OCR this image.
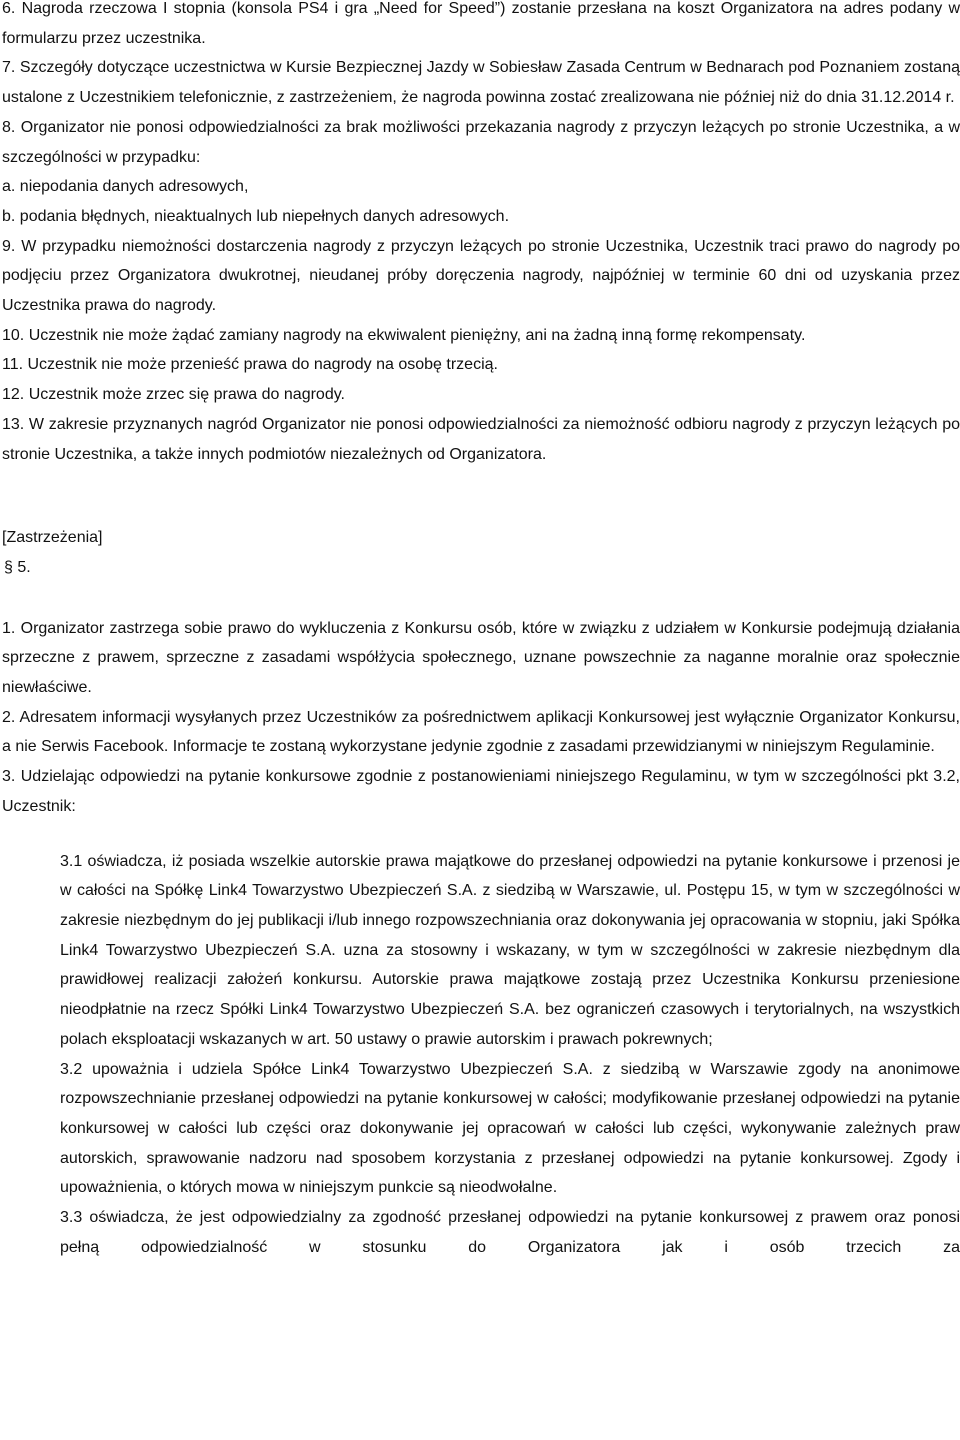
6. Nagroda rzeczowa I stopnia (konsola PS4 i gra „Need for Speed”) zostanie przesłana na koszt Organizatora na adres podany w formularzu przez uczestnika.

7. Szczegóły dotyczące uczestnictwa w Kursie Bezpiecznej Jazdy w Sobiesław Zasada Centrum w Bednarach pod Poznaniem zostaną ustalone z Uczestnikiem telefonicznie, z zastrzeżeniem, że nagroda powinna zostać zrealizowana nie później niż do dnia 31.12.2014 r.

8. Organizator nie ponosi odpowiedzialności za brak możliwości przekazania nagrody z przyczyn leżących po stronie Uczestnika, a w szczególności w przypadku:

a. niepodania danych adresowych,

b. podania błędnych, nieaktualnych lub niepełnych danych adresowych.

9. W przypadku niemożności dostarczenia nagrody z przyczyn leżących po stronie Uczestnika, Uczestnik traci prawo do nagrody po podjęciu przez Organizatora dwukrotnej, nieudanej próby doręczenia nagrody, najpóźniej w terminie 60 dni od uzyskania przez Uczestnika prawa do nagrody.

10. Uczestnik nie może żądać zamiany nagrody na ekwiwalent pieniężny, ani na żadną inną formę rekompensaty.

11. Uczestnik nie może przenieść prawa do nagrody na osobę trzecią.

12. Uczestnik może zrzec się prawa do nagrody.

13. W zakresie przyznanych nagród Organizator nie ponosi odpowiedzialności za niemożność odbioru nagrody z przyczyn leżących po stronie Uczestnika, a także innych podmiotów niezależnych od Organizatora.

[Zastrzeżenia]

§ 5.

1. Organizator zastrzega sobie prawo do wykluczenia z Konkursu osób, które w związku z udziałem w Konkursie podejmują działania sprzeczne z prawem, sprzeczne z zasadami współżycia społecznego, uznane powszechnie za naganne moralnie oraz społecznie niewłaściwe.

2. Adresatem informacji wysyłanych przez Uczestników za pośrednictwem aplikacji Konkursowej jest wyłącznie Organizator Konkursu, a nie Serwis Facebook. Informacje te zostaną wykorzystane jedynie zgodnie z zasadami przewidzianymi w niniejszym Regulaminie.

3. Udzielając odpowiedzi na pytanie konkursowe zgodnie z postanowieniami niniejszego Regulaminu, w tym w szczególności pkt 3.2, Uczestnik:

3.1 oświadcza, iż posiada wszelkie autorskie prawa majątkowe do przesłanej odpowiedzi na pytanie konkursowe i przenosi je w całości na Spółkę Link4 Towarzystwo Ubezpieczeń S.A. z siedzibą w Warszawie, ul. Postępu 15, w tym w szczególności w zakresie niezbędnym do jej publikacji i/lub innego rozpowszechniania oraz dokonywania jej opracowania w stopniu, jaki Spółka Link4 Towarzystwo Ubezpieczeń S.A. uzna za stosowny i wskazany, w tym w szczególności w zakresie niezbędnym dla prawidłowej realizacji założeń konkursu. Autorskie prawa majątkowe zostają przez Uczestnika Konkursu przeniesione nieodpłatnie na rzecz Spółki Link4 Towarzystwo Ubezpieczeń S.A. bez ograniczeń czasowych i terytorialnych, na wszystkich polach eksploatacji wskazanych w art. 50 ustawy o prawie autorskim i prawach pokrewnych;

3.2 upoważnia i udziela Spółce Link4 Towarzystwo Ubezpieczeń S.A. z siedzibą w Warszawie zgody na anonimowe rozpowszechnianie przesłanej odpowiedzi na pytanie konkursowej w całości; modyfikowanie przesłanej odpowiedzi na pytanie konkursowej w całości lub części oraz dokonywanie jej opracowań w całości lub części, wykonywanie zależnych praw autorskich, sprawowanie nadzoru nad sposobem korzystania z przesłanej odpowiedzi na pytanie konkursowej. Zgody i upoważnienia, o których mowa w niniejszym punkcie są nieodwołalne.

3.3 oświadcza, że jest odpowiedzialny za zgodność przesłanej odpowiedzi na pytanie konkursowej z prawem oraz ponosi pełną odpowiedzialność w stosunku do Organizatora jak i osób trzecich za
